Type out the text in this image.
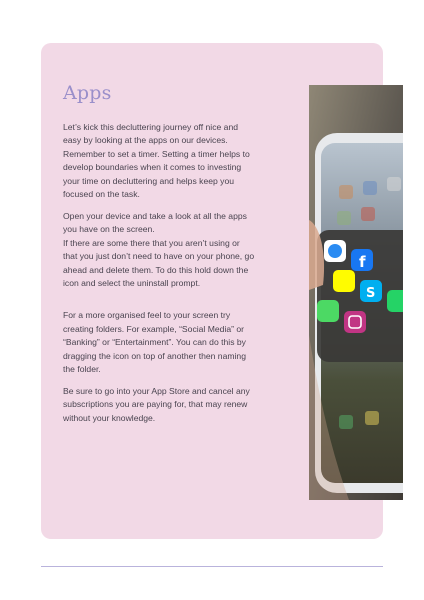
Apps

Let’s kick this decluttering journey off nice and easy by looking at the apps on our devices. Remember to set a timer. Setting a timer helps to develop boundaries when it comes to investing your time on decluttering and helps keep you focused on the task.

Open your device and take a look at all the apps you have on the screen.

If there are some there that you aren’t using or that you just don’t need to have on your phone, go ahead and delete them. To do this hold down the icon and select the uninstall prompt.

For a more organised feel to your screen try creating folders. For example, “Social Media” or “Banking” or “Entertainment”. You can do this by dragging the icon on top of another then naming the folder.

Be sure to go into your App Store and cancel any subscriptions you are paying for, that may renew without your knowledge.

f
S
